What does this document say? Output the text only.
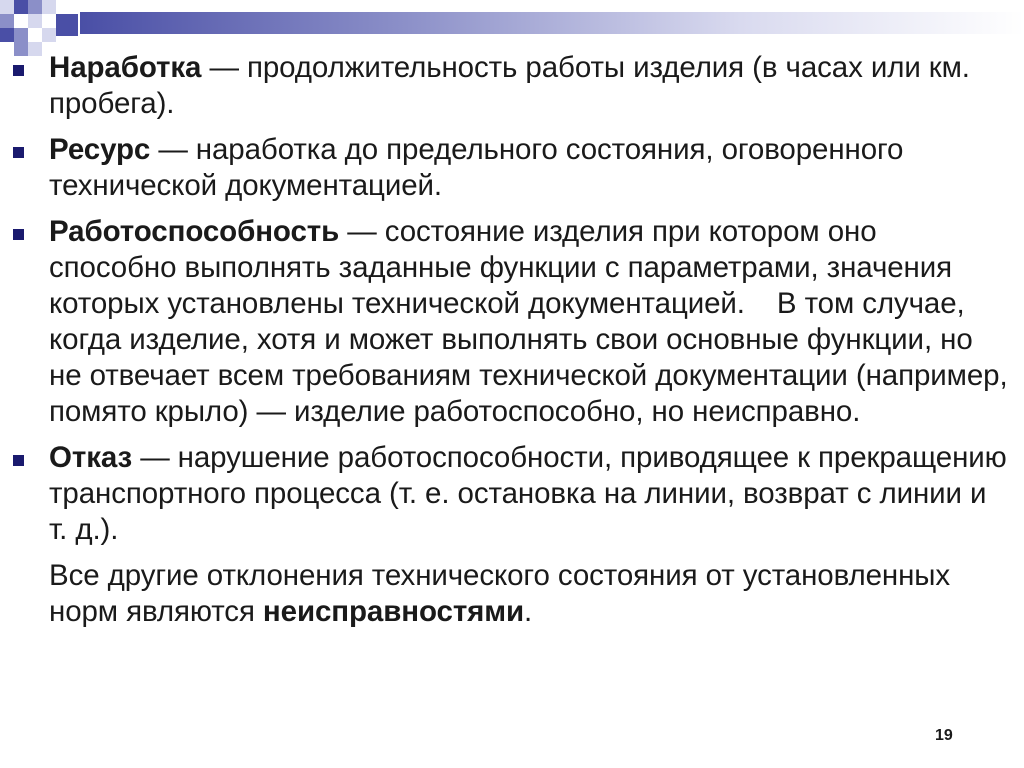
Наработка — продолжительность работы изделия (в часах или км. пробега).
Ресурс — наработка до предельного состояния, оговоренного технической документацией.
Работоспособность — состояние изделия при котором оно способно выполнять заданные функции с параметрами, значения которых установлены технической документацией. В том случае, когда изделие, хотя и может выполнять свои основные функции, но не отвечает всем требованиям технической документации (например, помято крыло) — изделие работоспособно, но неисправно.
Отказ — нарушение работоспособности, приводящее к прекращению транспортного процесса (т. е. остановка на линии, возврат с линии и т. д.).
Все другие отклонения технического состояния от установленных норм являются неисправностями.
19
